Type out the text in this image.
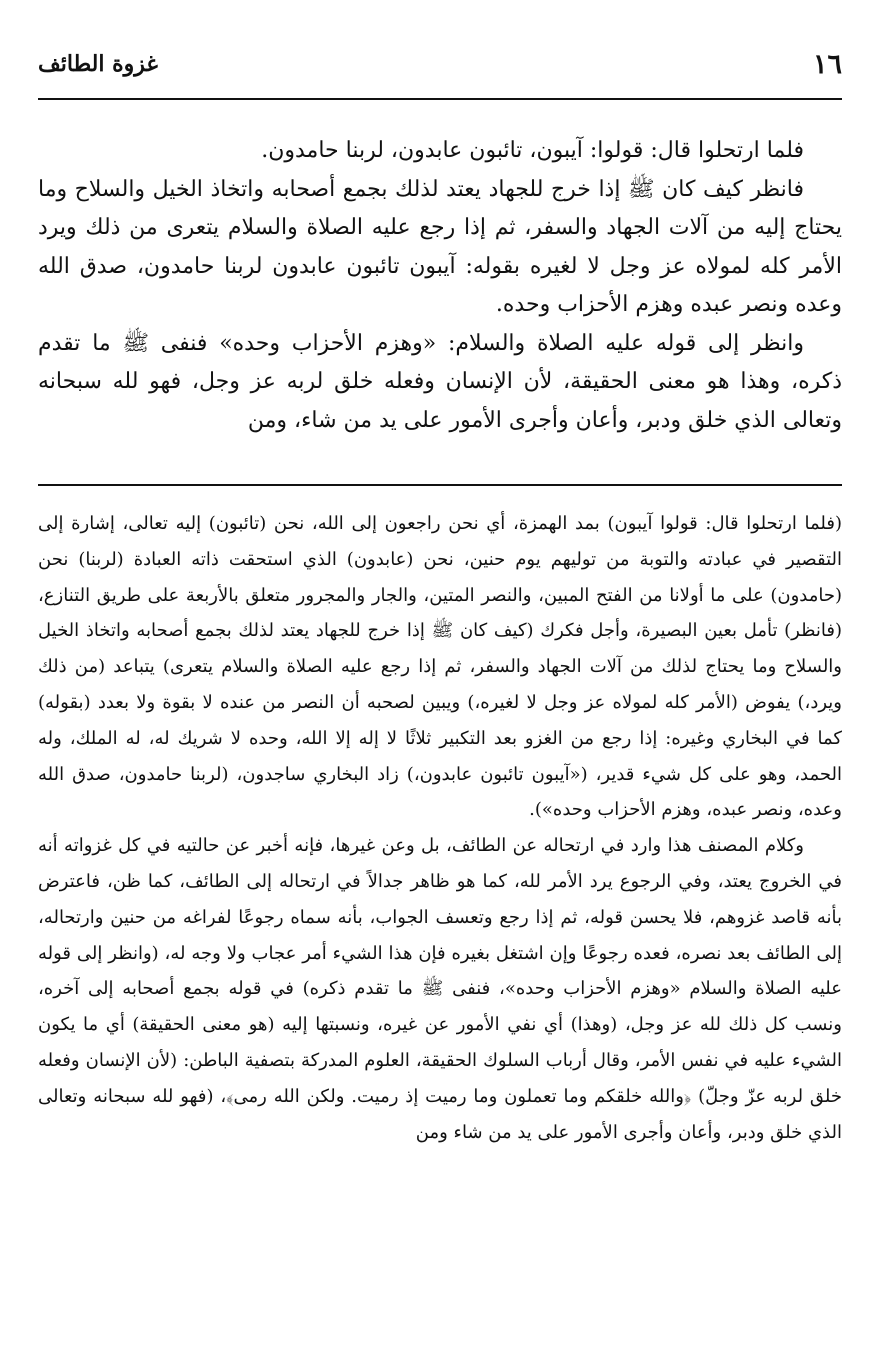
١٦
غزوة الطائف

فلما ارتحلوا قال: قولوا: آيبون، تائبون عابدون، لربنا حامدون.

فانظر كيف كان ﷺ إذا خرج للجهاد يعتد لذلك بجمع أصحابه واتخاذ الخيل والسلاح وما يحتاج إليه من آلات الجهاد والسفر، ثم إذا رجع عليه الصلاة والسلام يتعرى من ذلك ويرد الأمر كله لمولاه عز وجل لا لغيره بقوله: آيبون تائبون عابدون لربنا حامدون، صدق الله وعده ونصر عبده وهزم الأحزاب وحده.

وانظر إلى قوله عليه الصلاة والسلام: «وهزم الأحزاب وحده» فنفى ﷺ ما تقدم ذكره، وهذا هو معنى الحقيقة، لأن الإنسان وفعله خلق لربه عز وجل، فهو لله سبحانه وتعالى الذي خلق ودبر، وأعان وأجرى الأمور على يد من شاء، ومن

(فلما ارتحلوا قال: قولوا آيبون) بمد الهمزة، أي نحن راجعون إلى الله، نحن (تائبون) إليه تعالى، إشارة إلى التقصير في عبادته والتوبة من توليهم يوم حنين، نحن (عابدون) الذي استحقت ذاته العبادة (لربنا) نحن (حامدون) على ما أولانا من الفتح المبين، والنصر المتين، والجار والمجرور متعلق بالأربعة على طريق التنازع، (فانظر) تأمل بعين البصيرة، وأجل فكرك (كيف كان ﷺ إذا خرج للجهاد يعتد لذلك بجمع أصحابه واتخاذ الخيل والسلاح وما يحتاج لذلك من آلات الجهاد والسفر، ثم إذا رجع عليه الصلاة والسلام يتعرى) يتباعد (من ذلك ويرد،) يفوض (الأمر كله لمولاه عز وجل لا لغيره،) ويبين لصحبه أن النصر من عنده لا بقوة ولا بعدد (بقوله) كما في البخاري وغيره: إذا رجع من الغزو بعد التكبير ثلاثًا لا إله إلا الله، وحده لا شريك له، له الملك، وله الحمد، وهو على كل شيء قدير، («آيبون تائبون عابدون،) زاد البخاري ساجدون، (لربنا حامدون، صدق الله وعده، ونصر عبده، وهزم الأحزاب وحده»).

وكلام المصنف هذا وارد في ارتحاله عن الطائف، بل وعن غيرها، فإنه أخبر عن حالتيه في كل غزواته أنه في الخروج يعتد، وفي الرجوع يرد الأمر لله، كما هو ظاهر جدالاً في ارتحاله إلى الطائف، كما ظن، فاعترض بأنه قاصد غزوهم، فلا يحسن قوله، ثم إذا رجع وتعسف الجواب، بأنه سماه رجوعًا لفراغه من حنين وارتحاله، إلى الطائف بعد نصره، فعده رجوعًا وإن اشتغل بغيره فإن هذا الشيء أمر عجاب ولا وجه له، (وانظر إلى قوله عليه الصلاة والسلام «وهزم الأحزاب وحده»، فنفى ﷺ ما تقدم ذكره) في قوله بجمع أصحابه إلى آخره، ونسب كل ذلك لله عز وجل، (وهذا) أي نفي الأمور عن غيره، ونسبتها إليه (هو معنى الحقيقة) أي ما يكون الشيء عليه في نفس الأمر، وقال أرباب السلوك الحقيقة، العلوم المدركة بتصفية الباطن: (لأن الإنسان وفعله خلق لربه عزّ وجلّ) ﴿والله خلقكم وما تعملون وما رميت إذ رميت. ولكن الله رمى﴾، (فهو لله سبحانه وتعالى الذي خلق ودبر، وأعان وأجرى الأمور على يد من شاء ومن
